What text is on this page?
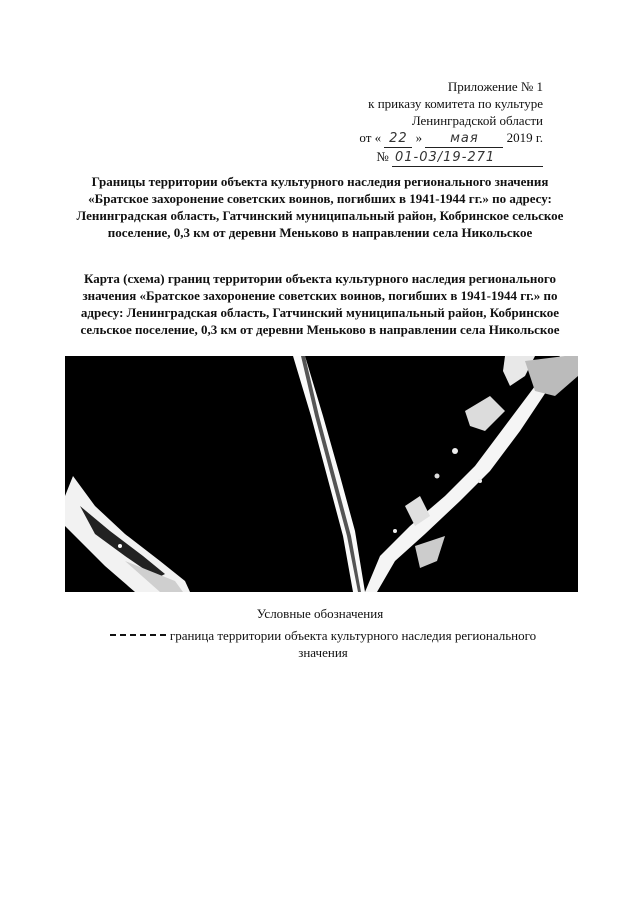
Приложение № 1
к приказу комитета по культуре
Ленинградской области
от « 22 » мая 2019 г.
№ 01-03/19-271
Границы территории объекта культурного наследия регионального значения «Братское захоронение советских воинов, погибших в 1941-1944 гг.» по адресу: Ленинградская область, Гатчинский муниципальный район, Кобринское сельское поселение, 0,3 км от деревни Меньково в направлении села Никольское
Карта (схема) границ территории объекта культурного наследия регионального значения «Братское захоронение советских воинов, погибших в 1941-1944 гг.» по адресу: Ленинградская область, Гатчинский муниципальный район, Кобринское сельское поселение, 0,3 км от деревни Меньково в направлении села Никольское
Условные обозначения
граница территории объекта культурного наследия регионального значения
